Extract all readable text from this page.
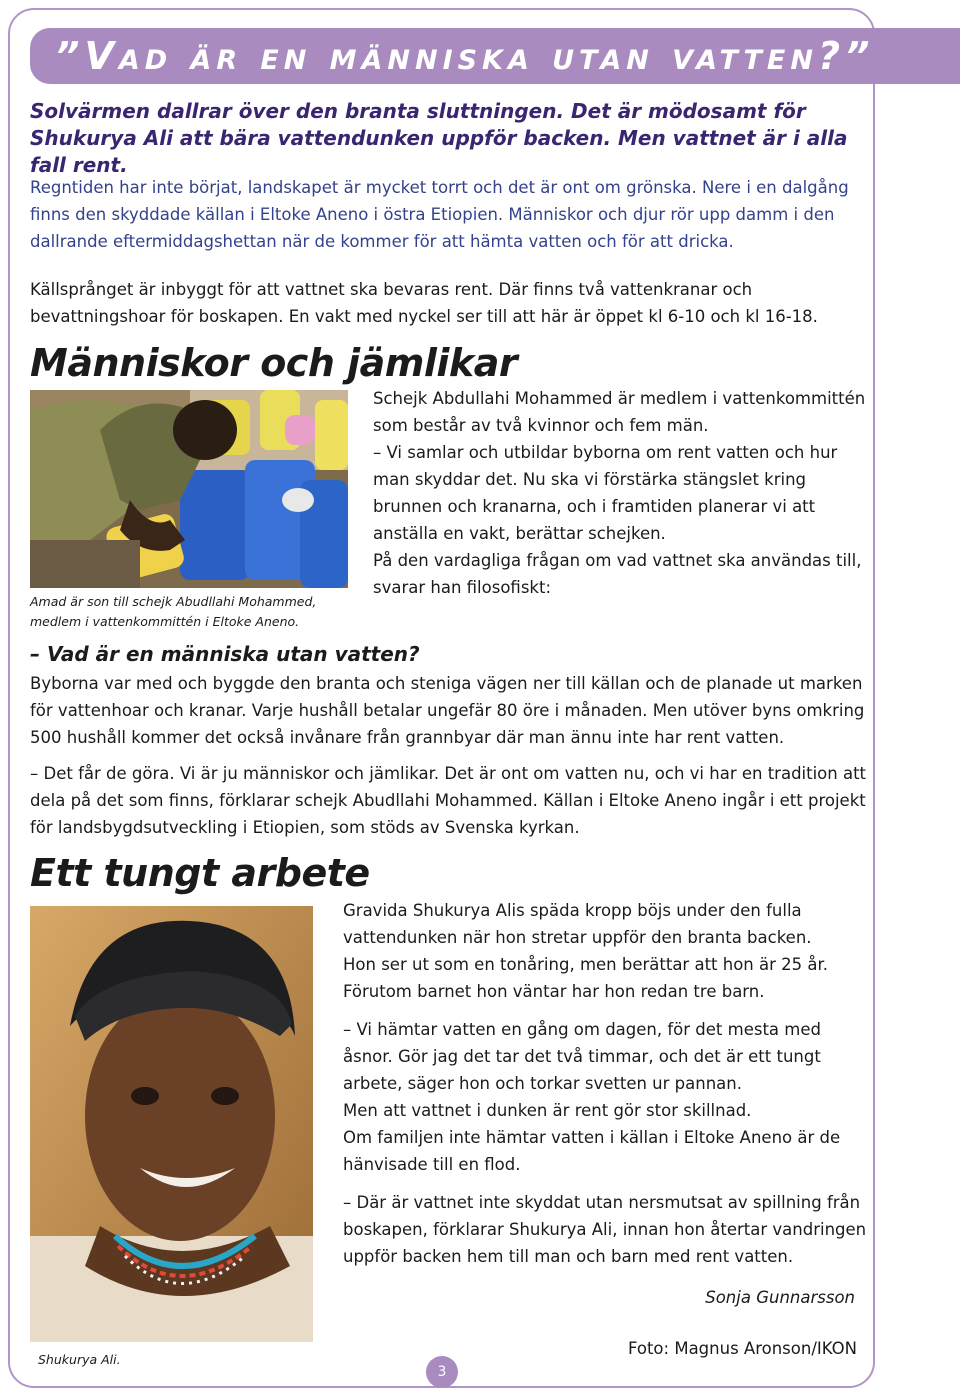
”Vad är en människa utan vatten?”

Solvärmen dallrar över den branta sluttningen. Det är mödosamt för Shukurya Ali att bära vattendunken uppför backen. Men vattnet är i alla fall rent.

Regntiden har inte börjat, landskapet är mycket torrt och det är ont om grönska. Nere i en dalgång finns den skyddade källan i Eltoke Aneno i östra Etiopien. Människor och djur rör upp damm i den dallrande eftermiddagshettan när de kommer för att hämta vatten och för att dricka.

Källsprånget är inbyggt för att vattnet ska bevaras rent. Där finns två vattenkranar och bevattningshoar för boskapen. En vakt med nyckel ser till att här är öppet kl 6-10 och kl 16-18.

Människor och jämlikar

Amad är son till schejk Abudllahi Mohammed, medlem i vattenkommittén i Eltoke Aneno.

Schejk Abdullahi Mohammed är medlem i vattenkommittén som består av två kvinnor och fem män.

– Vi samlar och utbildar byborna om rent vatten och hur man skyddar det. Nu ska vi förstärka stängslet kring brunnen och kranarna, och i framtiden planerar vi att anställa en vakt, berättar schejken.

På den vardagliga frågan om vad vattnet ska användas till, svarar han filosofiskt:

– Vad är en människa utan vatten?

Byborna var med och byggde den branta och steniga vägen ner till källan och de planade ut marken för vattenhoar och kranar. Varje hushåll betalar ungefär 80 öre i månaden. Men utöver byns omkring 500 hushåll kommer det också invånare från grannbyar där man ännu inte har rent vatten.

– Det får de göra. Vi är ju människor och jämlikar. Det är ont om vatten nu, och vi har en tradition att dela på det som finns, förklarar schejk Abudllahi Mohammed. Källan i Eltoke Aneno ingår i ett projekt för landsbygdsutveckling i Etiopien, som stöds av Svenska kyrkan.

Ett tungt arbete

Shukurya Ali.

Gravida Shukurya Alis späda kropp böjs under den fulla vattendunken när hon stretar uppför den branta backen.

Hon ser ut som en tonåring, men berättar att hon är 25 år.

Förutom barnet hon väntar har hon redan tre barn.

– Vi hämtar vatten en gång om dagen, för det mesta med åsnor. Gör jag det tar det två timmar, och det är ett tungt arbete, säger hon och torkar svetten ur pannan.

Men att vattnet i dunken är rent gör stor skillnad.

Om familjen inte hämtar vatten i källan i Eltoke Aneno är de hänvisade till en flod.

– Där är vattnet inte skyddat utan nersmutsat av spillning från boskapen, förklarar Shukurya Ali, innan hon återtar vandringen uppför backen hem till man och barn med rent vatten.

Sonja Gunnarsson

Foto: Magnus Aronson/IKON

3
